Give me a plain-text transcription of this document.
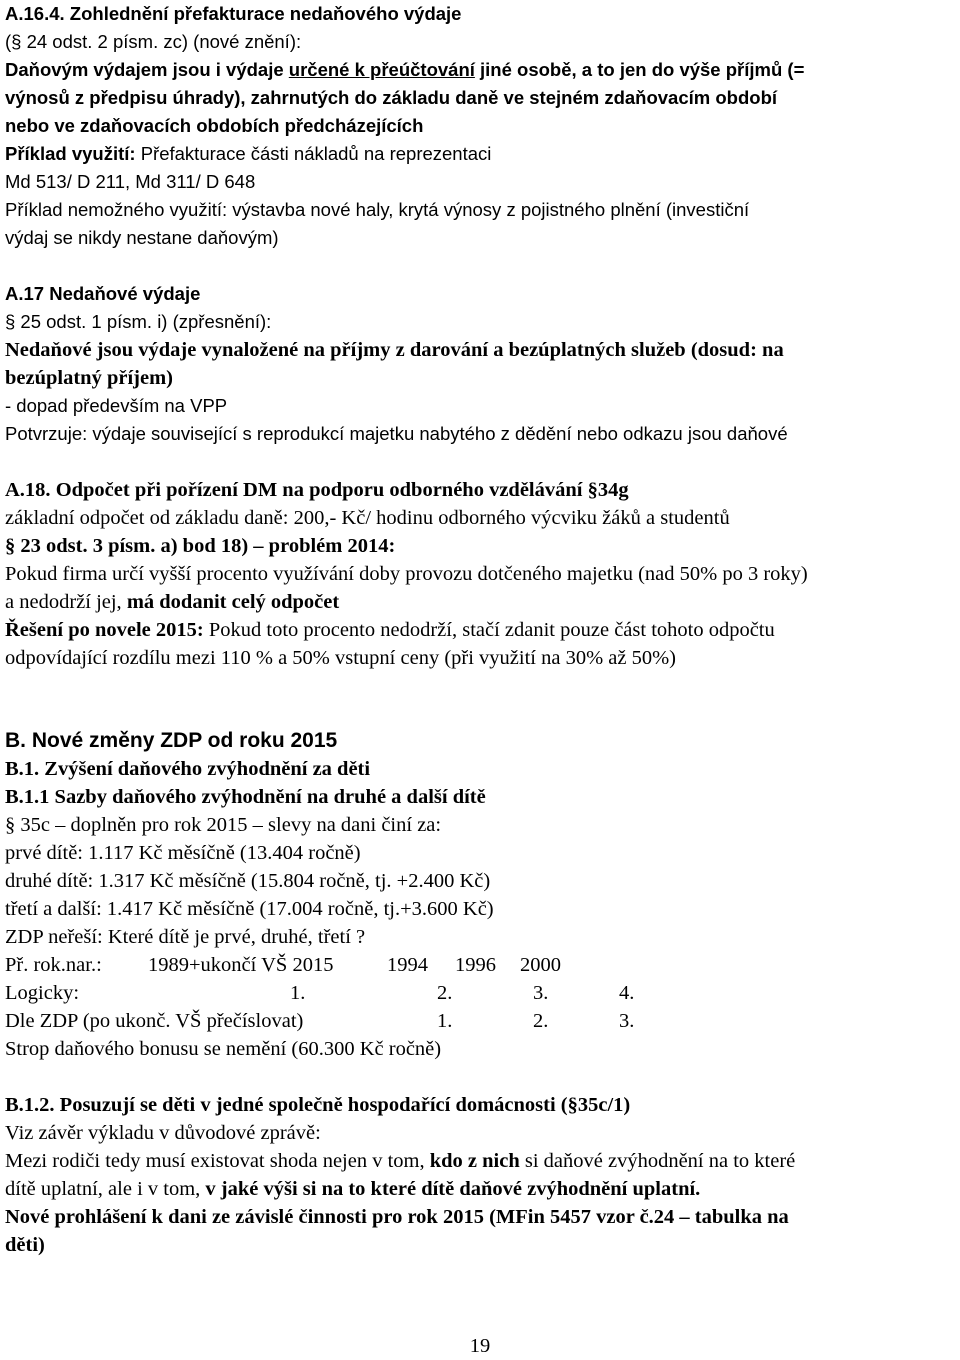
A.16.4. Zohlednění přefakturace nedaňového výdaje
(§ 24 odst. 2 písm. zc) (nové znění):
Daňovým výdajem jsou i výdaje určené k přeúčtování jiné osobě, a to jen do výše příjmů (=
výnosů z předpisu úhrady), zahrnutých do základu daně ve stejném zdaňovacím období
nebo ve zdaňovacích obdobích předcházejících
Příklad využití: Přefakturace části nákladů na reprezentaci
Md 513/ D 211, Md 311/ D 648
Příklad nemožného využití: výstavba nové haly, krytá výnosy z pojistného plnění (investiční
výdaj se nikdy nestane daňovým)
A.17 Nedaňové výdaje
§ 25 odst. 1 písm. i) (zpřesnění):
Nedaňové jsou výdaje vynaložené na příjmy z darování a bezúplatných služeb (dosud: na
bezúplatný příjem)
- dopad především na VPP
Potvrzuje: výdaje související s reprodukcí majetku nabytého z dědění nebo odkazu jsou daňové
A.18. Odpočet při pořízení DM na podporu odborného vzdělávání §34g
základní odpočet od základu daně: 200,- Kč/ hodinu odborného výcviku žáků a studentů
§ 23 odst. 3 písm. a) bod 18) – problém 2014:
Pokud firma určí vyšší procento využívání doby provozu dotčeného majetku (nad 50% po 3 roky)
a nedodrží jej, má dodanit celý odpočet
Řešení po novele 2015: Pokud toto procento nedodrží, stačí zdanit pouze část tohoto odpočtu
odpovídající rozdílu mezi 110 % a 50% vstupní ceny (při využití na 30% až 50%)
B. Nové změny ZDP od roku 2015
B.1. Zvýšení daňového zvýhodnění za děti
B.1.1 Sazby daňového zvýhodnění na druhé a další dítě
§ 35c – doplněn pro rok 2015 – slevy na dani činí za:
prvé dítě: 1.117 Kč měsíčně (13.404 ročně)
druhé dítě: 1.317 Kč měsíčně (15.804 ročně, tj. +2.400 Kč)
třetí a další: 1.417 Kč měsíčně (17.004 ročně, tj.+3.600 Kč)
ZDP neřeší: Které dítě je prvé, druhé, třetí ?
Př. rok.nar.: 1989+ukončí VŠ 2015	1994 1996 2000
Logicky:	1.	2.	3.	4.
Dle ZDP (po ukonč. VŠ přečíslovat)	1.	2.	3.
Strop daňového bonusu se nemění (60.300 Kč ročně)
B.1.2. Posuzují se děti v jedné společně hospodařící domácnosti (§35c/1)
Viz závěr výkladu v důvodové zprávě:
Mezi rodiči tedy musí existovat shoda nejen v tom, kdo z nich si daňové zvýhodnění na to které
dítě uplatní, ale i v tom, v jaké výši si na to které dítě daňové zvýhodnění uplatní.
Nové prohlášení k dani ze závislé činnosti pro rok 2015 (MFin 5457 vzor č.24 – tabulka na
děti)
19
